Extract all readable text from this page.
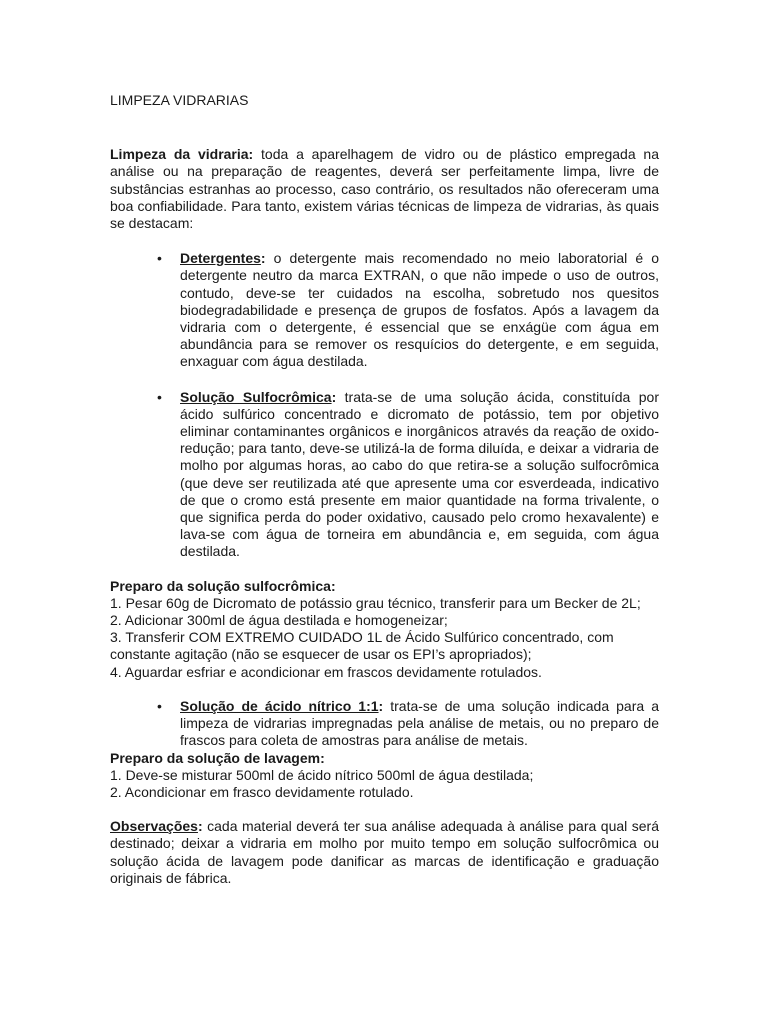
LIMPEZA VIDRARIAS

Limpeza da vidraria: toda a aparelhagem de vidro ou de plástico empregada na análise ou na preparação de reagentes, deverá ser perfeitamente limpa, livre de substâncias estranhas ao processo, caso contrário, os resultados não ofereceram uma boa confiabilidade. Para tanto, existem várias técnicas de limpeza de vidrarias, às quais se destacam:

• Detergentes: o detergente mais recomendado no meio laboratorial é o detergente neutro da marca EXTRAN, o que não impede o uso de outros, contudo, deve-se ter cuidados na escolha, sobretudo nos quesitos biodegradabilidade e presença de grupos de fosfatos. Após a lavagem da vidraria com o detergente, é essencial que se enxágüe com água em abundância para se remover os resquícios do detergente, e em seguida, enxaguar com água destilada.
• Solução Sulfocrômica: trata-se de uma solução ácida, constituída por ácido sulfúrico concentrado e dicromato de potássio, tem por objetivo eliminar contaminantes orgânicos e inorgânicos através da reação de oxido-redução; para tanto, deve-se utilizá-la de forma diluída, e deixar a vidraria de molho por algumas horas, ao cabo do que retira-se a solução sulfocrômica (que deve ser reutilizada até que apresente uma cor esverdeada, indicativo de que o cromo está presente em maior quantidade na forma trivalente, o que significa perda do poder oxidativo, causado pelo cromo hexavalente) e lava-se com água de torneira em abundância e, em seguida, com água destilada.
Preparo da solução sulfocrômica:
1. Pesar 60g de Dicromato de potássio grau técnico, transferir para um Becker de 2L;
2. Adicionar 300ml de água destilada e homogeneizar;
3. Transferir COM EXTREMO CUIDADO 1L de Ácido Sulfúrico concentrado, com constante agitação (não se esquecer de usar os EPI’s apropriados);
4. Aguardar esfriar e acondicionar em frascos devidamente rotulados.
• Solução de ácido nítrico 1:1: trata-se de uma solução indicada para a limpeza de vidrarias impregnadas pela análise de metais, ou no preparo de frascos para coleta de amostras para análise de metais.
Preparo da solução de lavagem:
1. Deve-se misturar 500ml de ácido nítrico 500ml de água destilada;
2. Acondicionar em frasco devidamente rotulado.

Observações: cada material deverá ter sua análise adequada à análise para qual será destinado; deixar a vidraria em molho por muito tempo em solução sulfocrômica ou solução ácida de lavagem pode danificar as marcas de identificação e graduação originais de fábrica.
